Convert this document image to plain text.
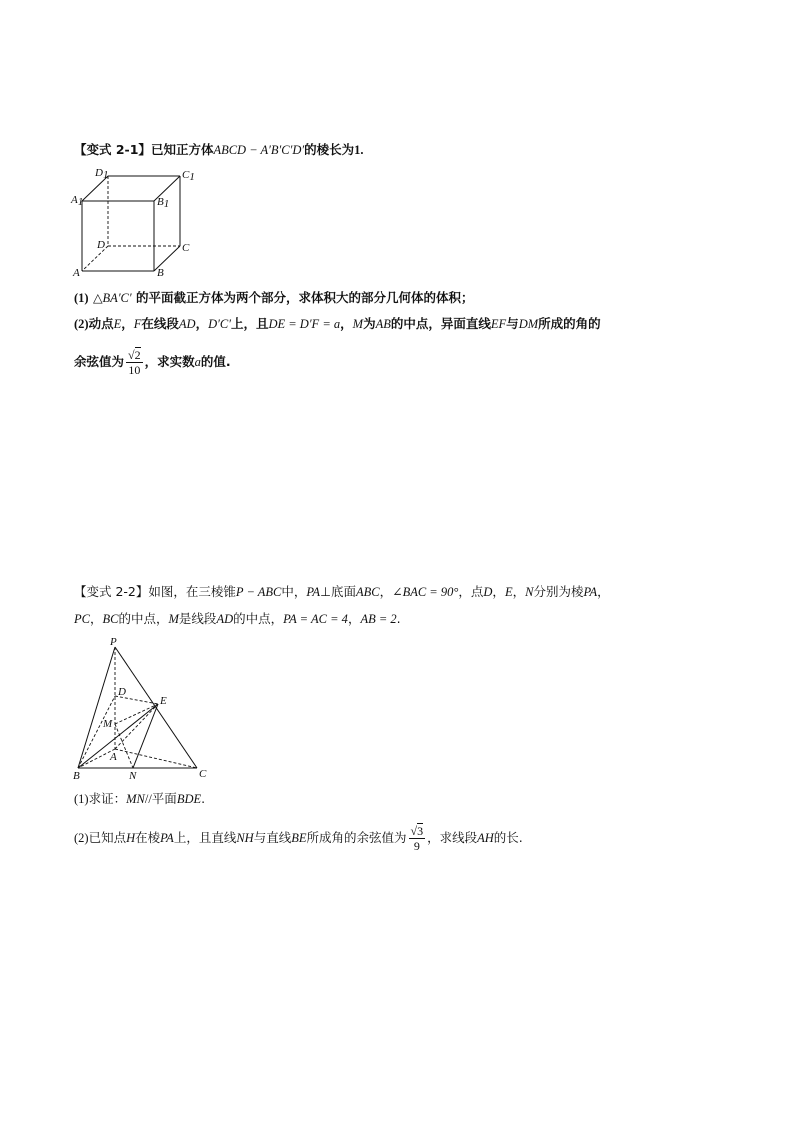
【变式 2-1】已知正方体ABCD − A′B′C′D′的棱长为1.
D1	C1
A1	B1
D	C
A	B
(1) △BA′C′ 的平面截正方体为两个部分，求体积大的部分几何体的体积；
(2)动点E，F在线段AD，D′C′上，且DE = D′F = a，M为AB的中点，异面直线EF与DM所成的角的
余弦值为 $\frac{√2}{10}$ ，求实数a的值.
【变式 2-2】如图，在三棱锥P − ABC中，PA⊥底面ABC，∠BAC = 90°，点D，E，N分别为棱PA，
PC，BC的中点，M是线段AD的中点，PA = AC = 4，AB = 2.
P
D
E
M
A
B	N	C
(1)求证：MN//平面BDE.
(2)已知点H在棱PA上，且直线NH与直线BE所成角的余弦值为 $\frac{√3}{9}$ ，求线段AH的长.
